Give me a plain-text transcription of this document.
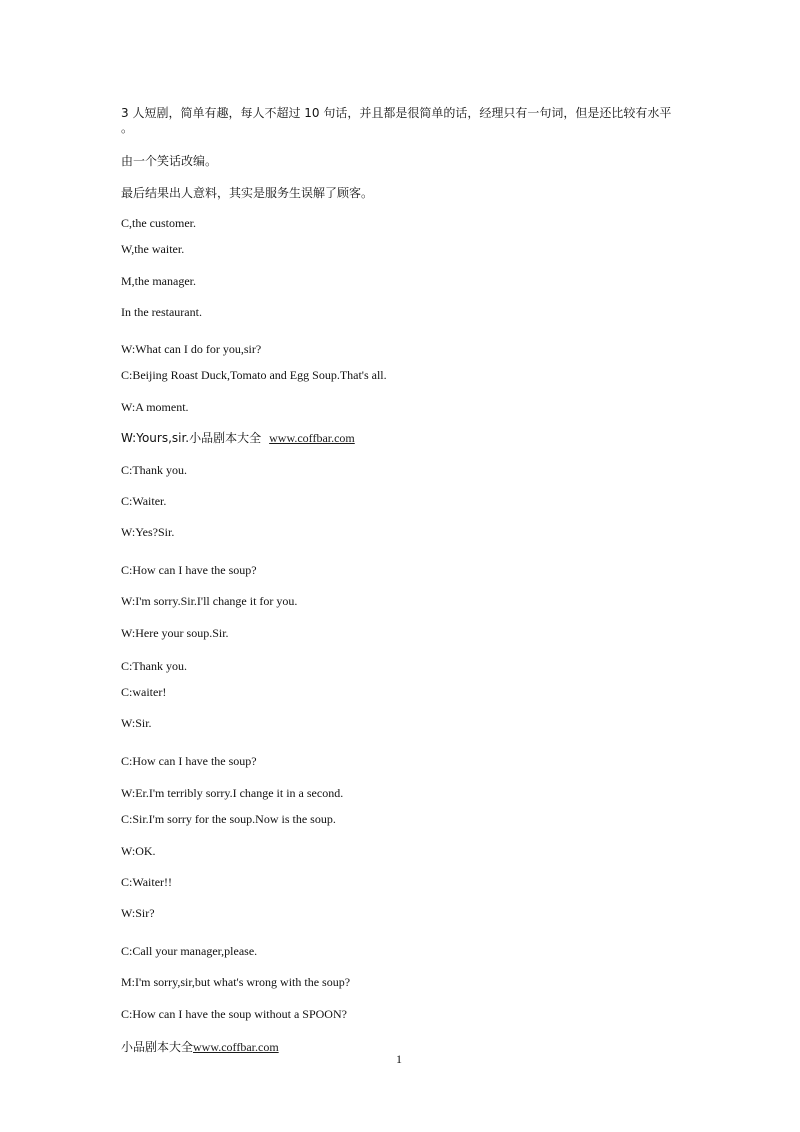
3 人短剧，简单有趣，每人不超过 10 句话，并且都是很简单的话，经理只有一句词，但是还比较有水平
。
由一个笑话改编。
最后结果出人意料，其实是服务生误解了顾客。
C,the customer.
W,the waiter.
M,the manager.
In the restaurant.
W:What can I do for you,sir?
C:Beijing Roast Duck,Tomato and Egg Soup.That's all.
W:A moment.
W:Yours,sir.小品剧本大全 www.coffbar.com
C:Thank you.
C:Waiter.
W:Yes?Sir.
C:How can I have the soup?
W:I'm sorry.Sir.I'll change it for you.
W:Here your soup.Sir.
C:Thank you.
C:waiter!
W:Sir.
C:How can I have the soup?
W:Er.I'm terribly sorry.I change it in a second.
C:Sir.I'm sorry for the soup.Now is the soup.
W:OK.
C:Waiter!!
W:Sir?
C:Call your manager,please.
M:I'm sorry,sir,but what's wrong with the soup?
C:How can I have the soup without a SPOON?
小品剧本大全www.coffbar.com
1
